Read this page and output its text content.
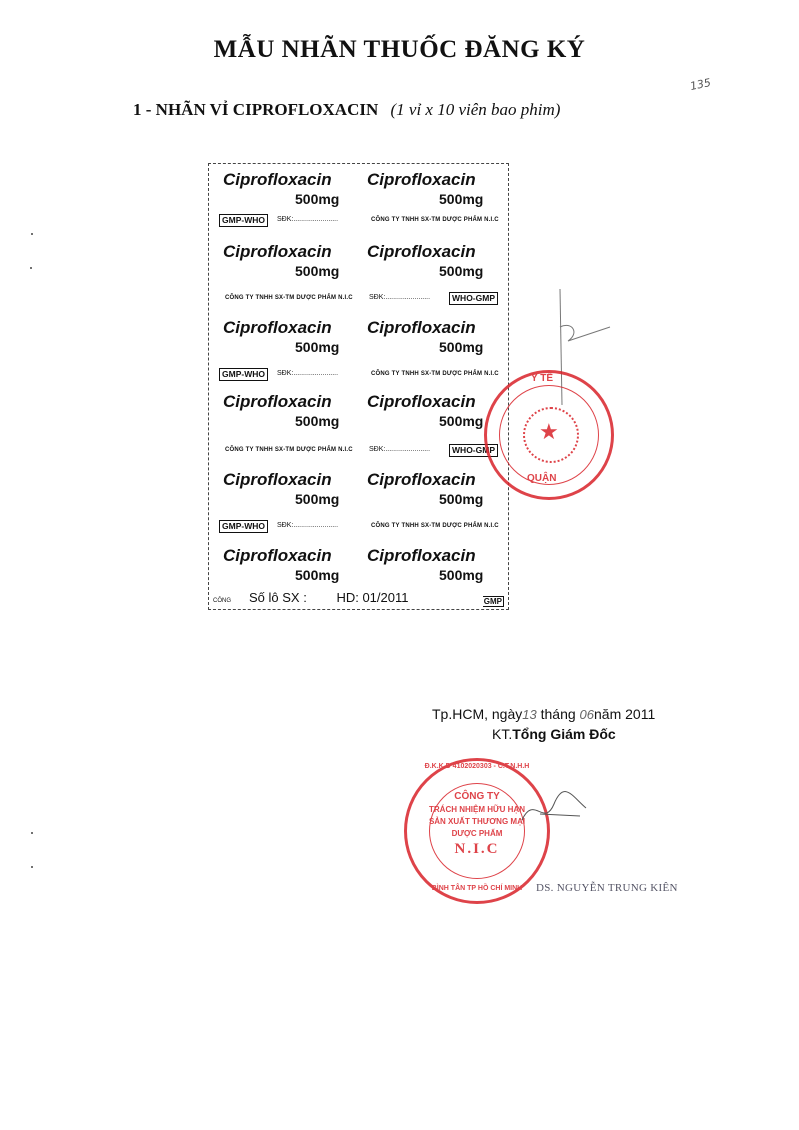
MẪU NHÃN THUỐC ĐĂNG KÝ
1 - NHÃN VỈ CIPROFLOXACIN (1 vỉ x 10 viên bao phim)
135
Ciprofloxacin
500mg
Ciprofloxacin
500mg
Ciprofloxacin
500mg
Ciprofloxacin
500mg
Ciprofloxacin
500mg
Ciprofloxacin
500mg
Ciprofloxacin
500mg
Ciprofloxacin
500mg
Ciprofloxacin
500mg
Ciprofloxacin
500mg
Ciprofloxacin
500mg
Ciprofloxacin
500mg
GMP-WHO	SĐK:.......................	CÔNG TY TNHH SX-TM DƯỢC PHẨM N.I.C
CÔNG TY TNHH SX-TM DƯỢC PHẨM N.I.C SĐK:.......................	WHO-GMP
GMP-WHO	SĐK:.......................	CÔNG TY TNHH SX-TM DƯỢC PHẨM N.I.C
CÔNG TY TNHH SX-TM DƯỢC PHẨM N.I.C SĐK:.......................	WHO-GMP
GMP-WHO	SĐK:.......................	CÔNG TY TNHH SX-TM DƯỢC PHẨM N.I.C
Số lô SX : HD: 01/2011
CÔNG	GMP
★
Y TẾ
QUẬN
Tp.HCM, ngày13 tháng 06năm 2011
KT.Tổng Giám Đốc
Đ.K.K.D 4102020303 - C.T.N.H.H
CÔNG TY
TRÁCH NHIỆM HỮU HẠN
SẢN XUẤT THƯƠNG MẠI
DƯỢC PHẨM
N.I.C
BÌNH TÂN TP HỒ CHÍ MINH	DS. NGUYỄN TRUNG KIÊN
